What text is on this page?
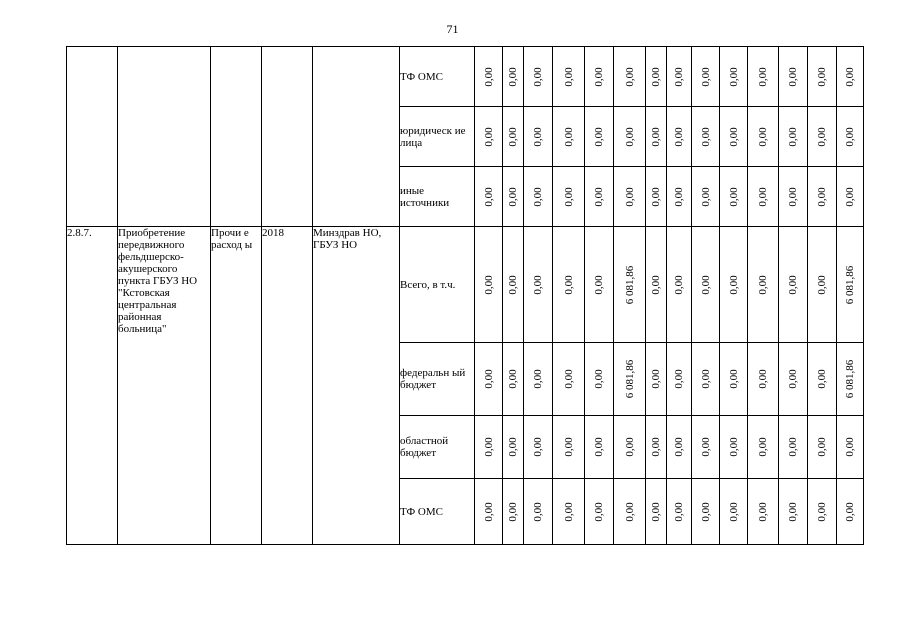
71
					ТФ ОМС	0,00	0,00	0,00	0,00	0,00	0,00	0,00	0,00	0,00	0,00	0,00	0,00	0,00	0,00

					юридическ ие лица	0,00	0,00	0,00	0,00	0,00	0,00	0,00	0,00	0,00	0,00	0,00	0,00	0,00	0,00

					иные источники	0,00	0,00	0,00	0,00	0,00	0,00	0,00	0,00	0,00	0,00	0,00	0,00	0,00	0,00

2.8.7.	Приобретение передвижного фельдшерско-акушерского пункта ГБУЗ НО "Кстовская центральная районная больница"	Прочи е расход ы	2018	Минздрав НО, ГБУЗ НО	Всего, в т.ч.	0,00	0,00	0,00	0,00	0,00	6 081,86	0,00	0,00	0,00	0,00	0,00	0,00	0,00	6 081,86

					федеральн ый бюджет	0,00	0,00	0,00	0,00	0,00	6 081,86	0,00	0,00	0,00	0,00	0,00	0,00	0,00	6 081,86

					областной бюджет	0,00	0,00	0,00	0,00	0,00	0,00	0,00	0,00	0,00	0,00	0,00	0,00	0,00	0,00

					ТФ ОМС	0,00	0,00	0,00	0,00	0,00	0,00	0,00	0,00	0,00	0,00	0,00	0,00	0,00	0,00
